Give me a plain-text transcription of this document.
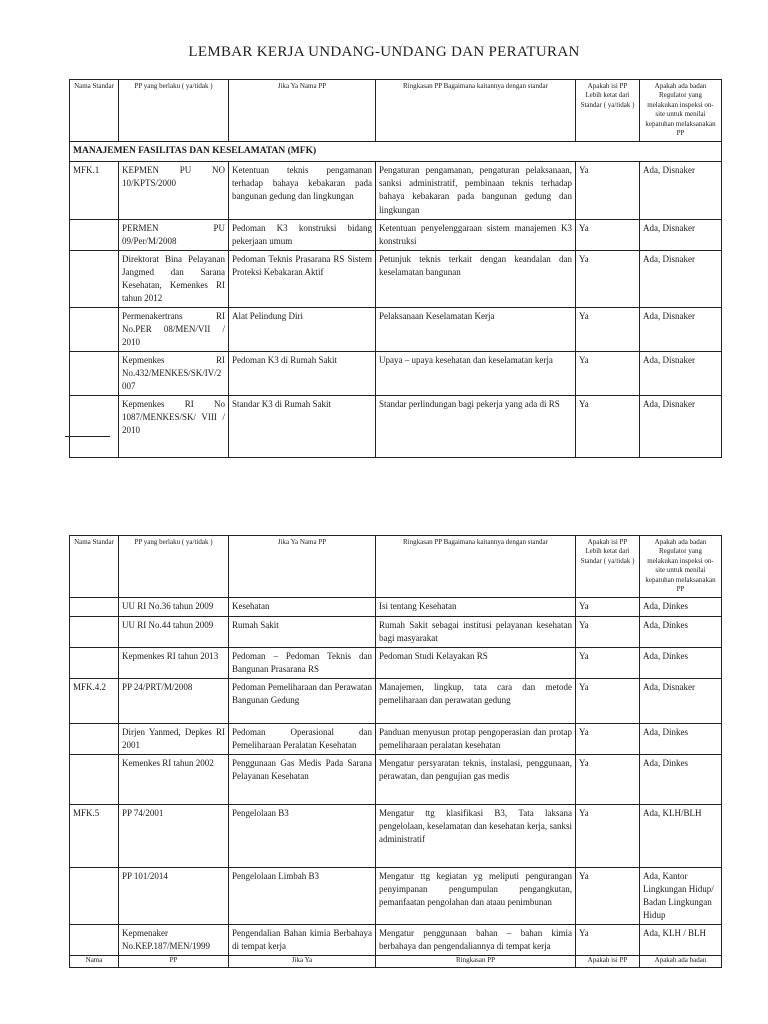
LEMBAR KERJA UNDANG-UNDANG DAN PERATURAN
Nama Standar	PP yang berlaku ( ya/tidak )	Jika Ya Nama PP	Ringkasan PP Bagaimana kaitannya dengan standar	Apakah isi PP Lebih ketat dari Standar ( ya/tidak )	Apakah ada badan Regulator yang melakukan inspeksi on-site untuk menilai kepatuhan melaksanakan PP
MANAJEMEN FASILITAS DAN KESELAMATAN (MFK)					
MFK.1	KEPMEN PU NO 10/KPTS/2000	Ketentuan teknis pengamanan terhadap bahaya kebakaran pada bangunan gedung dan lingkungan	Pengaturan pengamanan, pengaturan pelaksanaan, sanksi administratif, pembinaan teknis terhadap bahaya kebakaran pada bangunan gedung dan lingkungan	Ya	Ada, Disnaker
	PERMEN PU 09/Per/M/2008	Pedoman K3 konstruksi bidang pekerjaan umum	Ketentuan penyelenggaraan sistem manajemen K3 konstruksi	Ya	Ada, Disnaker
	Direktorat Bina Pelayanan Jangmed dan Sarana Kesehatan, Kemenkes RI tahun 2012	Pedoman Teknis Prasarana RS Sistem Proteksi Kebakaran Aktif	Petunjuk teknis terkait dengan keandalan dan keselamatan bangunan	Ya	Ada, Disnaker
	Permenakertrans RI No.PER 08/MEN/VII / 2010	Alat Pelindung Diri	Pelaksanaan Keselamatan Kerja	Ya	Ada, Disnaker
	Kepmenkes RI No.432/MENKES/SK/IV/2 007	Pedoman K3 di Rumah Sakit	Upaya – upaya kesehatan dan keselamatan kerja	Ya	Ada, Disnaker
	Kepmenkes RI No 1087/MENKES/SK/ VIII / 2010	Standar K3 di Rumah Sakit	Standar perlindungan bagi pekerja yang ada di RS	Ya	Ada, Disnaker
Nama Standar	PP yang berlaku ( ya/tidak )	Jika Ya Nama PP	Ringkasan PP Bagaimana kaitannya dengan standar	Apakah isi PP Lebih ketat dari Standar ( ya/tidak )	Apakah ada badan Regulator yang melakukan inspeksi on-site untuk menilai kepatuhan melaksanakan PP
	UU RI No.36 tahun 2009	Kesehatan	Isi tentang Kesehatan	Ya	Ada, Dinkes
	UU RI No.44 tahun 2009	Rumah Sakit	Rumah Sakit sebagai institusi pelayanan kesehatan bagi masyarakat	Ya	Ada, Dinkes
	Kepmenkes RI tahun 2013	Pedoman – Pedoman Teknis dan Bangunan Prasarana RS	Pedoman Studi Kelayakan RS	Ya	Ada, Dinkes
MFK.4.2	PP 24/PRT/M/2008	Pedoman Pemeliharaan dan Perawatan Bangunan Gedung	Manajemen, lingkup, tata cara dan metode pemeliharaan dan perawatan gedung	Ya	Ada, Disnaker
	Dirjen Yanmed, Depkes RI 2001	Pedoman Operasional dan Pemeliharaan Peralatan Kesehatan	Panduan menyusun protap pengoperasian dan protap pemeliharaan peralatan kesehatan	Ya	Ada, Dinkes
	Kemenkes RI tahun 2002	Penggunaan Gas Medis Pada Sarana Pelayanan Kesehatan	Mengatur persyaratan teknis, instalasi, penggunaan, perawatan, dan pengujian gas medis	Ya	Ada, Dinkes
MFK.5	PP 74/2001	Pengelolaan B3	Mengatur ttg klasifikasi B3, Tata laksana pengelolaan, keselamatan dan kesehatan kerja, sanksi administratif	Ya	Ada, KLH/BLH
	PP 101/2014	Pengelolaan Limbah B3	Mengatur ttg kegiatan yg meliputi pengurangan penyimpanan pengumpulan pengangkutan, pemanfaatan pengolahan dan ataau penimbunan	Ya	Ada, Kantor Lingkungan Hidup/ Badan Lingkungan Hidup
	Kepmenaker No.KEP.187/MEN/1999	Pengendalian Bahan kimia Berbahaya di tempat kerja	Mengatur penggunaan bahan – bahan kimia berbahaya dan pengendaliannya di tempat kerja	Ya	Ada, KLH / BLH
Nama	PP	Jika Ya	Ringkasan PP	Apakah isi PP	Apakah ada badan
